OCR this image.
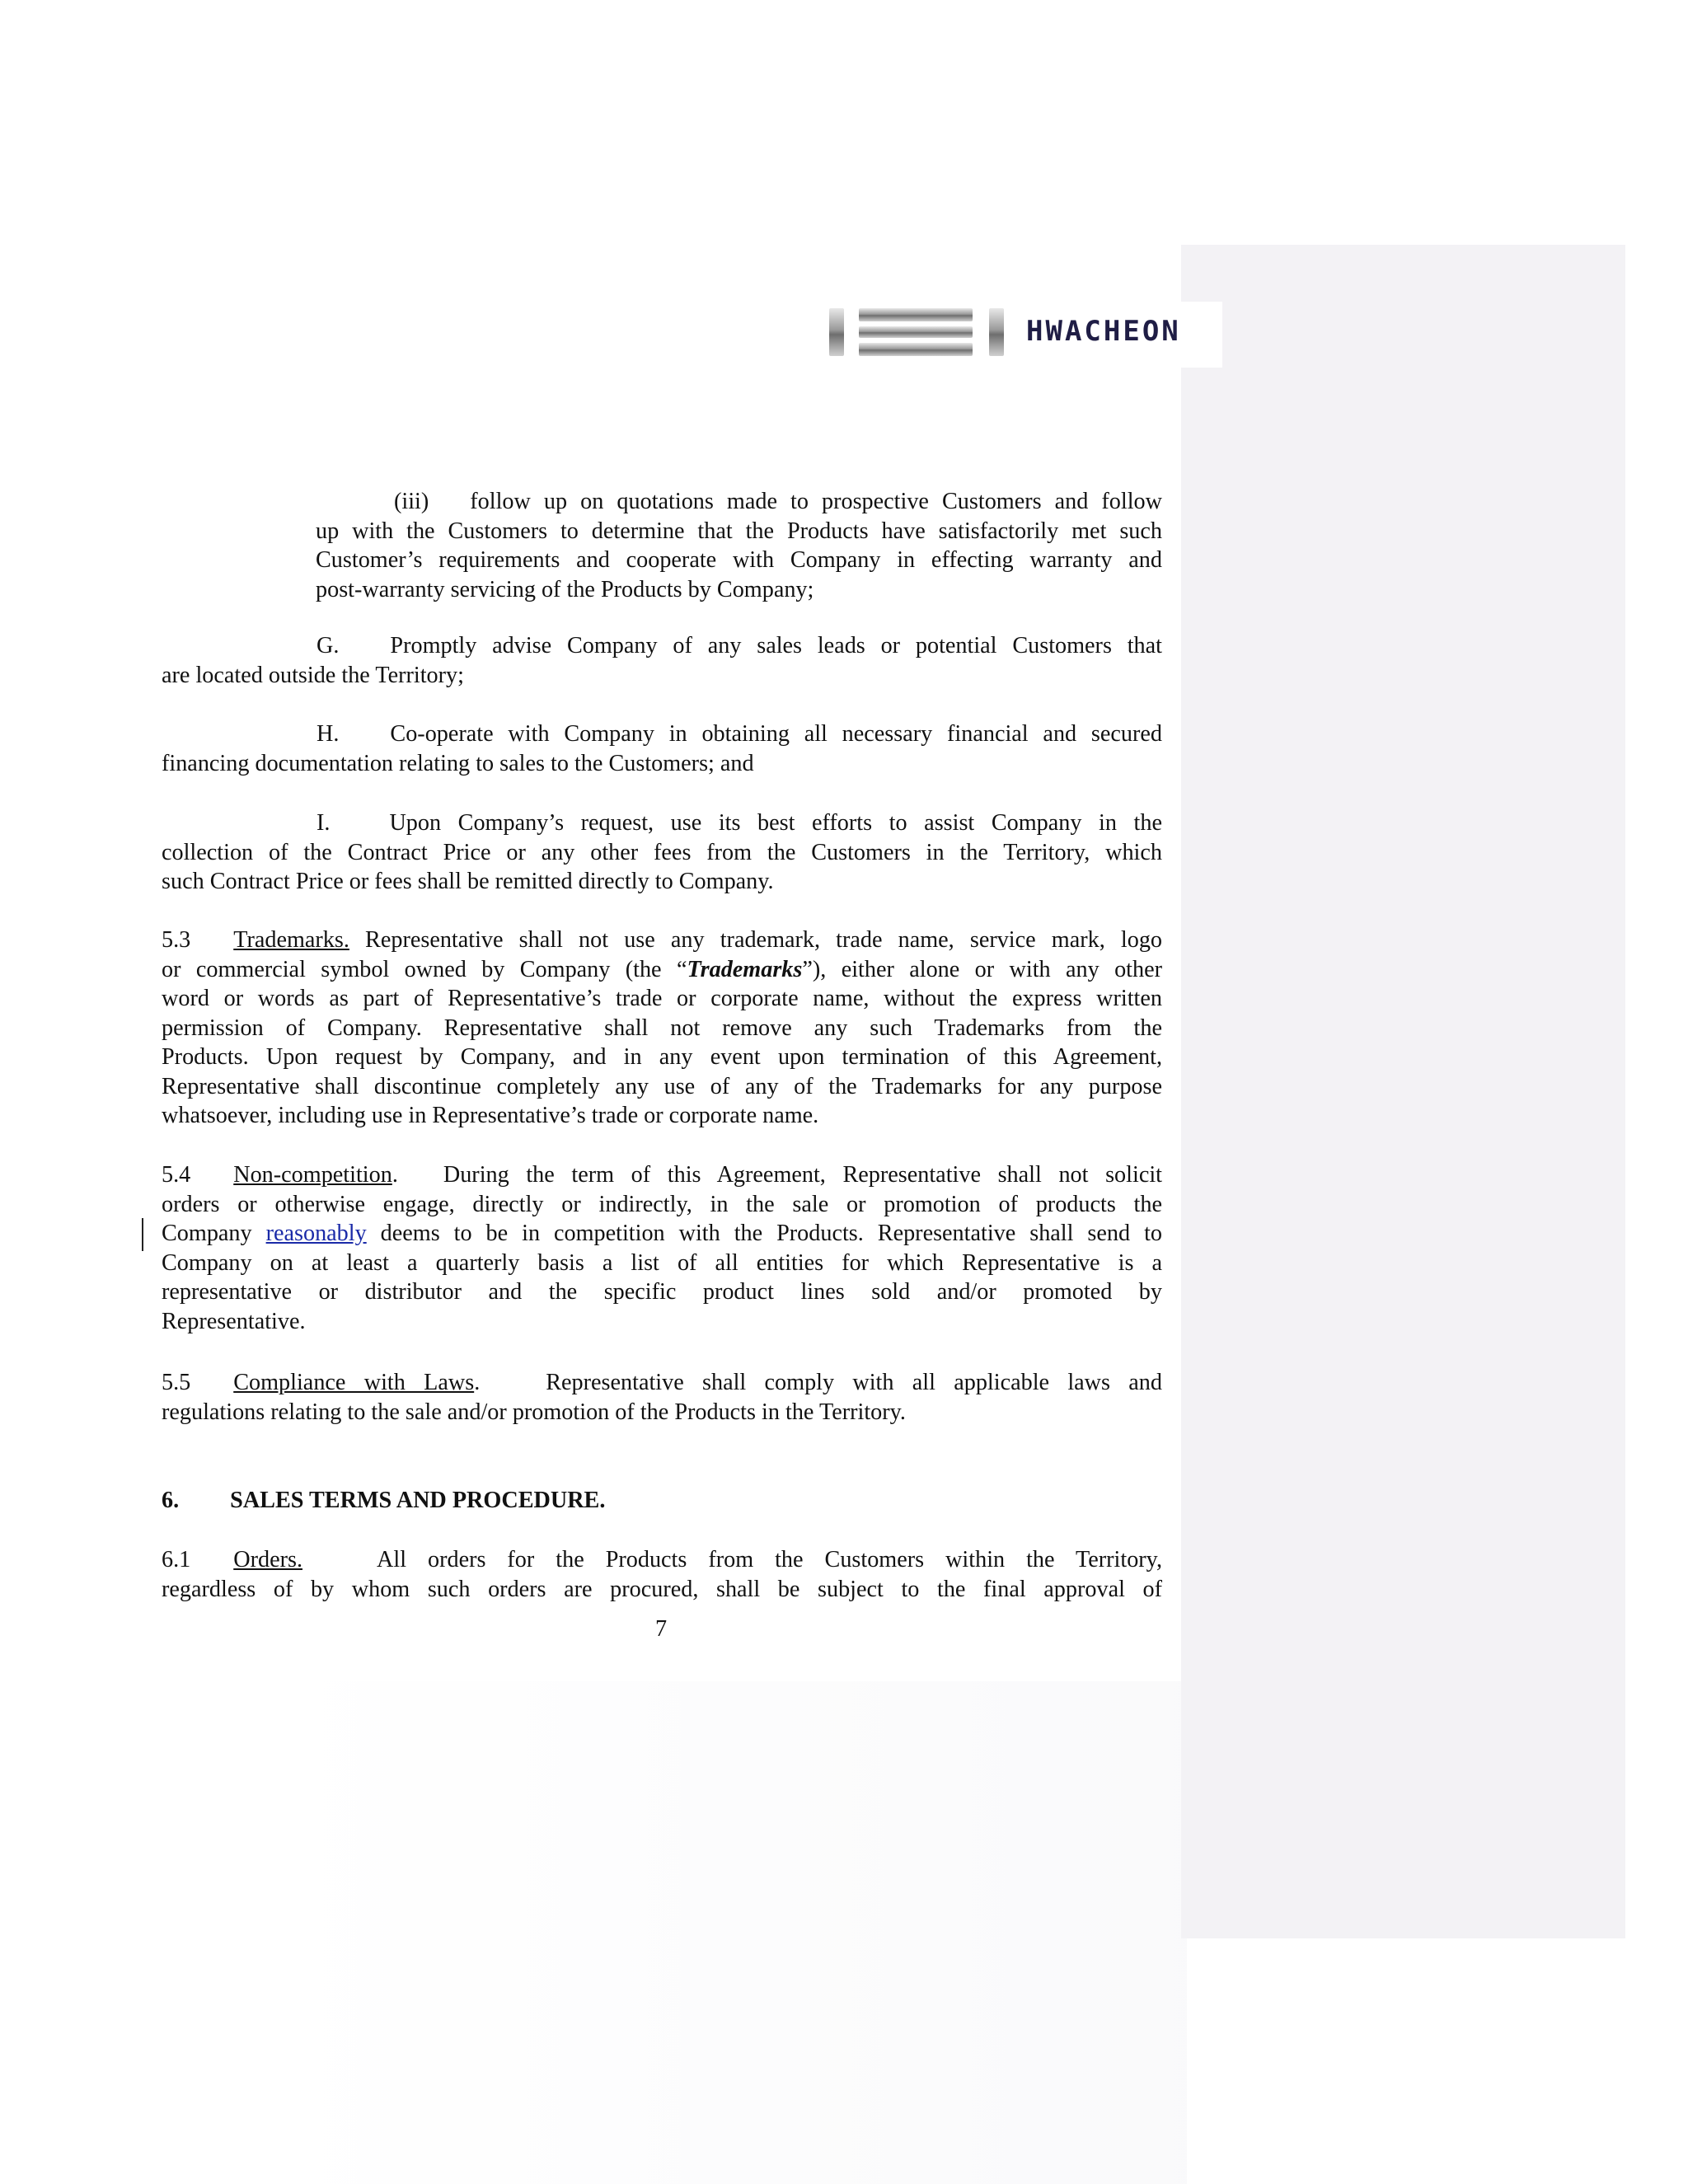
HWACHEON
(iii) follow up on quotations made to prospective Customers and follow
up with the Customers to determine that the Products have satisfactorily met such
Customer’s requirements and cooperate with Company in effecting warranty and
post-warranty servicing of the Products by Company;
G. Promptly advise Company of any sales leads or potential Customers that
are located outside the Territory;
H. Co-operate with Company in obtaining all necessary financial and secured
financing documentation relating to sales to the Customers; and
I.	Upon Company’s request, use its best efforts to assist Company in the
collection of the Contract Price or any other fees from the Customers in the Territory, which
such Contract Price or fees shall be remitted directly to Company.
5.3 Trademarks. Representative shall not use any trademark, trade name, service mark, logo
or commercial symbol owned by Company (the “Trademarks”), either alone or with any other
word or words as part of Representative’s trade or corporate name, without the express written
permission of Company. Representative shall not remove any such Trademarks from the
Products. Upon request by Company, and in any event upon termination of this Agreement,
Representative shall discontinue completely any use of any of the Trademarks for any purpose
whatsoever, including use in Representative’s trade or corporate name.
5.4 Non-competition. During the term of this Agreement, Representative shall not solicit
orders or otherwise engage, directly or indirectly, in the sale or promotion of products the
Company reasonably deems to be in competition with the Products. Representative shall send to
Company on at least a quarterly basis a list of all entities for which Representative is a
representative or distributor and the specific product lines sold and/or promoted by
Representative.
5.5 Compliance with Laws.	Representative shall comply with all applicable laws and
regulations relating to the sale and/or promotion of the Products in the Territory.
6. SALES TERMS AND PROCEDURE.
6.1 Orders.	All orders for the Products from the Customers within the Territory,
regardless of by whom such orders are procured, shall be subject to the final approval of
7
